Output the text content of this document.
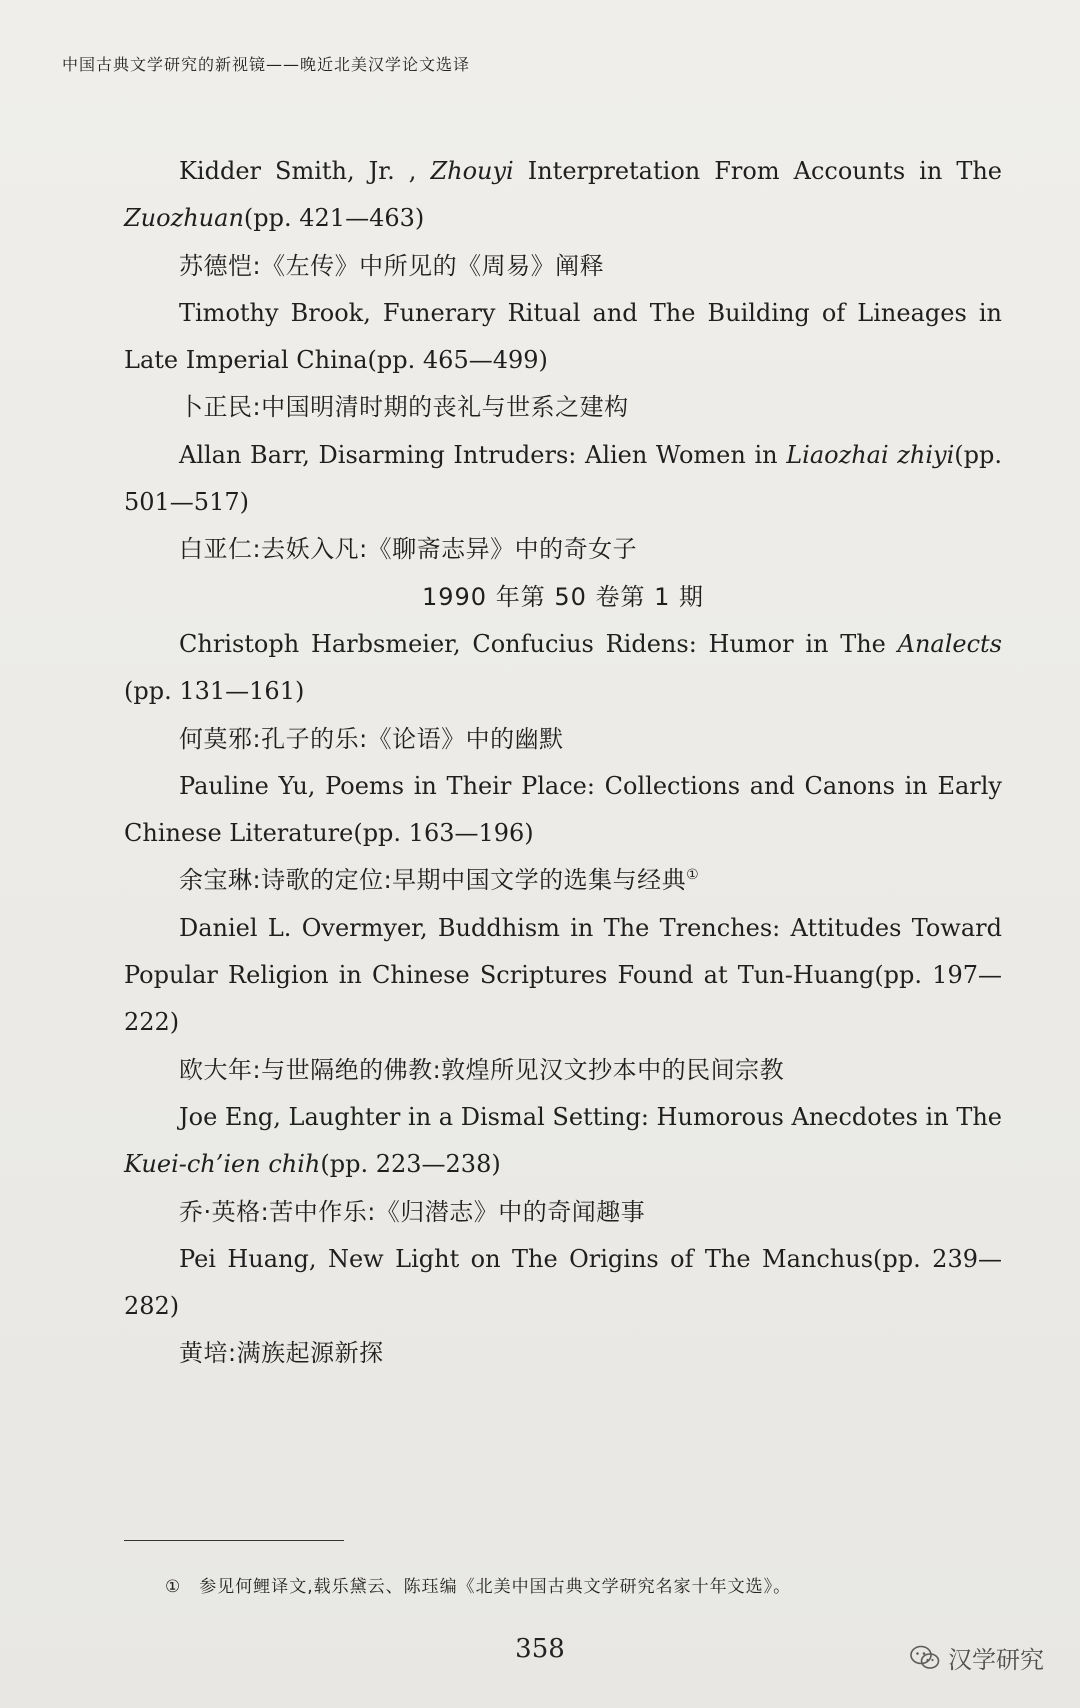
中国古典文学研究的新视镜——晚近北美汉学论文选译

Kidder Smith, Jr. , Zhouyi Interpretation From Accounts in The Zuozhuan(pp. 421—463)

苏德恺:《左传》中所见的《周易》阐释

Timothy Brook, Funerary Ritual and The Building of Lineages in Late Imperial China(pp. 465—499)

卜正民:中国明清时期的丧礼与世系之建构

Allan Barr, Disarming Intruders: Alien Women in Liaozhai zhiyi(pp. 501—517)

白亚仁:去妖入凡:《聊斋志异》中的奇女子

1990 年第 50 卷第 1 期

Christoph Harbsmeier, Confucius Ridens: Humor in The Analects (pp. 131—161)

何莫邪:孔子的乐:《论语》中的幽默

Pauline Yu, Poems in Their Place: Collections and Canons in Early Chinese Literature(pp. 163—196)

余宝琳:诗歌的定位:早期中国文学的选集与经典①

Daniel L. Overmyer, Buddhism in The Trenches: Attitudes Toward Popular Religion in Chinese Scriptures Found at Tun-Huang(pp. 197—222)

欧大年:与世隔绝的佛教:敦煌所见汉文抄本中的民间宗教

Joe Eng, Laughter in a Dismal Setting: Humorous Anecdotes in The Kuei-ch’ien chih(pp. 223—238)

乔·英格:苦中作乐:《归潜志》中的奇闻趣事

Pei Huang, New Light on The Origins of The Manchus(pp. 239—282)

黄培:满族起源新探

① 参见何鲤译文,载乐黛云、陈珏编《北美中国古典文学研究名家十年文选》。
358	汉学研究
